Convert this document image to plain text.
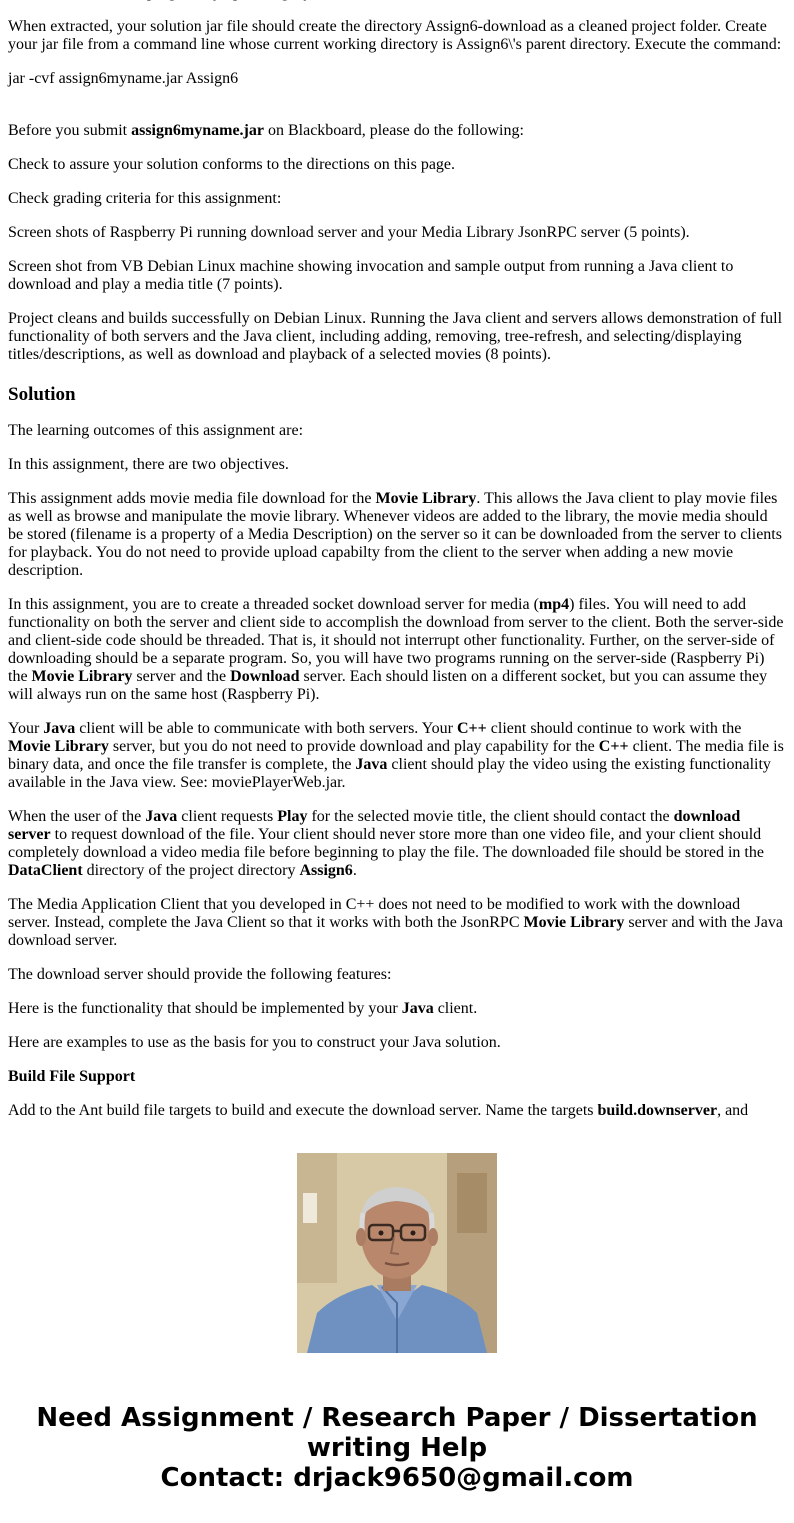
When extracted, your solution jar file should create the directory Assign6-download as a cleaned project folder. Create your jar file from a command line whose current working directory is Assign6\'s parent directory. Execute the command:

jar -cvf assign6myname.jar Assign6

Before you submit assign6myname.jar on Blackboard, please do the following:

Check to assure your solution conforms to the directions on this page.

Check grading criteria for this assignment:

Screen shots of Raspberry Pi running download server and your Media Library JsonRPC server (5 points).

Screen shot from VB Debian Linux machine showing invocation and sample output from running a Java client to download and play a media title (7 points).

Project cleans and builds successfully on Debian Linux. Running the Java client and servers allows demonstration of full functionality of both servers and the Java client, including adding, removing, tree-refresh, and selecting/displaying titles/descriptions, as well as download and playback of a selected movies (8 points).

Solution

The learning outcomes of this assignment are:

In this assignment, there are two objectives.

This assignment adds movie media file download for the Movie Library. This allows the Java client to play movie files as well as browse and manipulate the movie library. Whenever videos are added to the library, the movie media should be stored (filename is a property of a Media Description) on the server so it can be downloaded from the server to clients for playback. You do not need to provide upload capabilty from the client to the server when adding a new movie description.

In this assignment, you are to create a threaded socket download server for media (mp4) files. You will need to add functionality on both the server and client side to accomplish the download from server to the client. Both the server-side and client-side code should be threaded. That is, it should not interrupt other functionality. Further, on the server-side of downloading should be a separate program. So, you will have two programs running on the server-side (Raspberry Pi) the Movie Library server and the Download server. Each should listen on a different socket, but you can assume they will always run on the same host (Raspberry Pi).

Your Java client will be able to communicate with both servers. Your C++ client should continue to work with the Movie Library server, but you do not need to provide download and play capability for the C++ client. The media file is binary data, and once the file transfer is complete, the Java client should play the video using the existing functionality available in the Java view. See: moviePlayerWeb.jar.

When the user of the Java client requests Play for the selected movie title, the client should contact the download server to request download of the file. Your client should never store more than one video file, and your client should completely download a video media file before beginning to play the file. The downloaded file should be stored in the DataClient directory of the project directory Assign6.

The Media Application Client that you developed in C++ does not need to be modified to work with the download server. Instead, complete the Java Client so that it works with both the JsonRPC Movie Library server and with the Java download server.

The download server should provide the following features:

Here is the functionality that should be implemented by your Java client.

Here are examples to use as the basis for you to construct your Java solution.

Build File Support

Add to the Ant build file targets to build and execute the download server. Name the targets build.downserver, and

Need Assignment / Research Paper / Dissertation
writing Help
Contact: drjack9650@gmail.com
